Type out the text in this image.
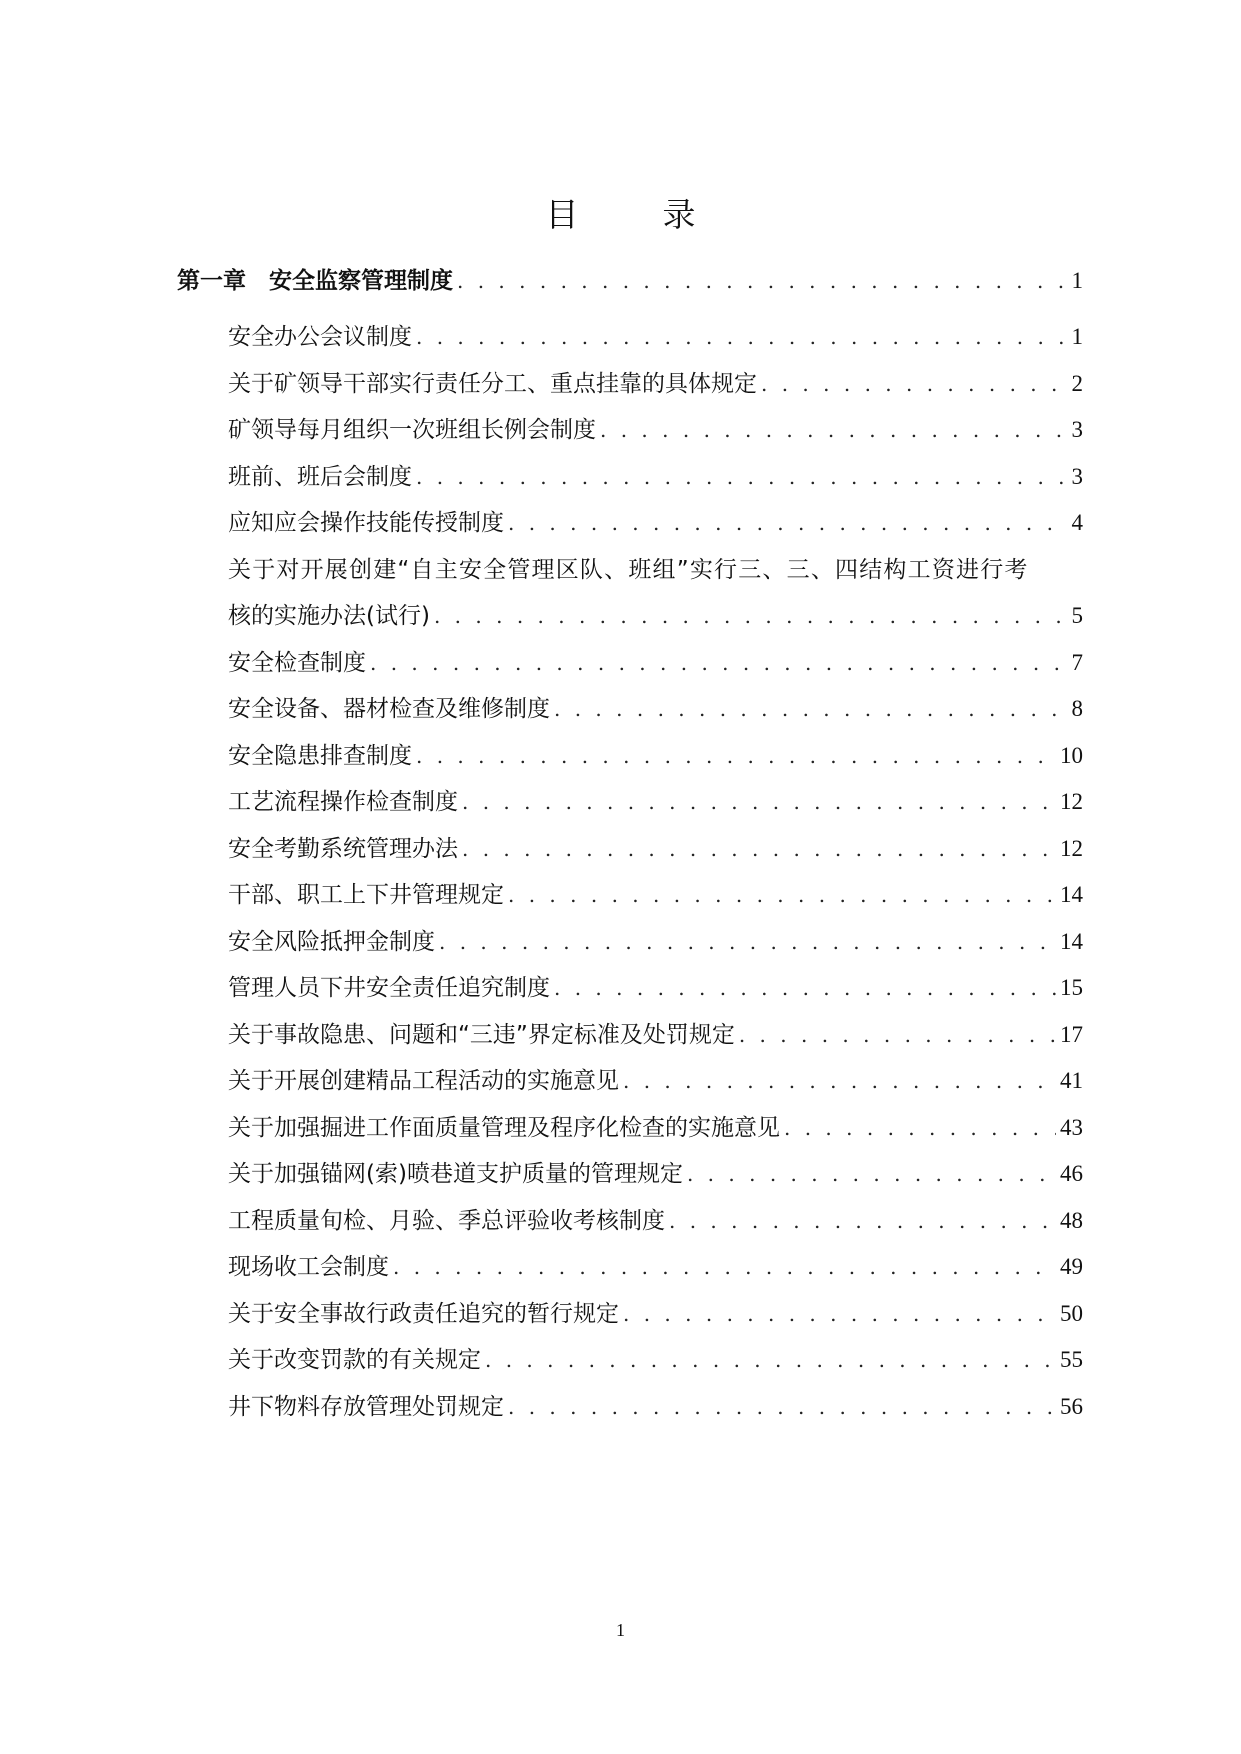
目	录
第一章　安全监察管理制度 . . .	1
安全办公会议制度 . . .	1
关于矿领导干部实行责任分工、重点挂靠的具体规定 . . .	2
矿领导每月组织一次班组长例会制度 . . .	3
班前、班后会制度 . . .	3
应知应会操作技能传授制度 . . .	4
关于对开展创建“自主安全管理区队、班组”实行三、三、四结构工资进行考
核的实施办法(试行) . . .	5
安全检查制度 . . .	7
安全设备、器材检查及维修制度 . . .	8
安全隐患排查制度 . . .	10
工艺流程操作检查制度 . . .	12
安全考勤系统管理办法 . . .	12
干部、职工上下井管理规定 . . .	14
安全风险抵押金制度 . . .	14
管理人员下井安全责任追究制度 . . .	15
关于事故隐患、问题和“三违”界定标准及处罚规定 . . .	17
关于开展创建精品工程活动的实施意见 . . .	41
关于加强掘进工作面质量管理及程序化检查的实施意见 . . .	43
关于加强锚网(索)喷巷道支护质量的管理规定 . . .	46
工程质量旬检、月验、季总评验收考核制度 . . .	48
现场收工会制度 . . .	49
关于安全事故行政责任追究的暂行规定 . . .	50
关于改变罚款的有关规定 . . .	55
井下物料存放管理处罚规定 . . .	56
1
